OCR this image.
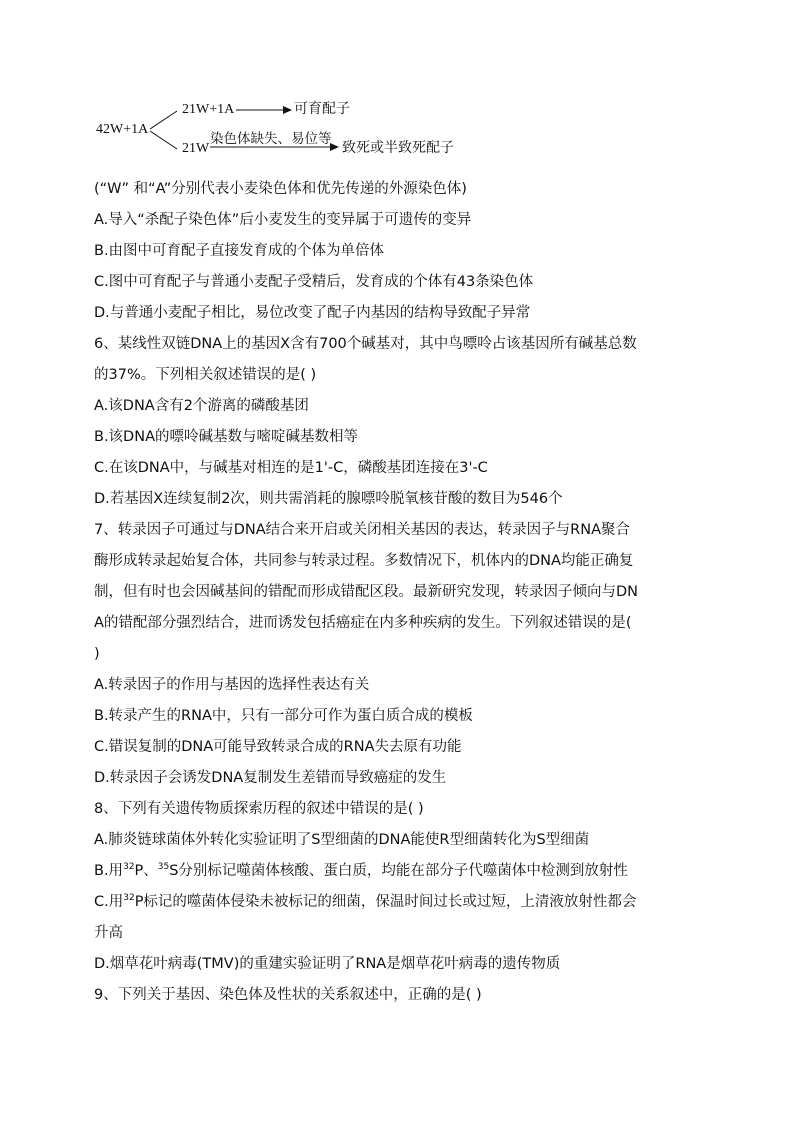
42W+1A
21W+1A	可育配子
21W
染色体缺失、易位等
致死或半致死配子
(“W” 和“A”分别代表小麦染色体和优先传递的外源染色体)
A.导入“杀配子染色体”后小麦发生的变异属于可遗传的变异
B.由图中可育配子直接发育成的个体为单倍体
C.图中可育配子与普通小麦配子受精后，发育成的个体有43条染色体
D.与普通小麦配子相比，易位改变了配子内基因的结构导致配子异常
6、某线性双链DNA上的基因X含有700个碱基对，其中鸟嘌呤占该基因所有碱基总数
的37%。下列相关叙述错误的是( )
A.该DNA含有2个游离的磷酸基团
B.该DNA的嘌呤碱基数与嘧啶碱基数相等
C.在该DNA中，与碱基对相连的是1'-C，磷酸基团连接在3'-C
D.若基因X连续复制2次，则共需消耗的腺嘌呤脱氧核苷酸的数目为546个
7、转录因子可通过与DNA结合来开启或关闭相关基因的表达，转录因子与RNA聚合
酶形成转录起始复合体，共同参与转录过程。多数情况下，机体内的DNA均能正确复
制，但有时也会因碱基间的错配而形成错配区段。最新研究发现，转录因子倾向与DN
A的错配部分强烈结合，进而诱发包括癌症在内多种疾病的发生。下列叙述错误的是(
)
A.转录因子的作用与基因的选择性表达有关
B.转录产生的RNA中，只有一部分可作为蛋白质合成的模板
C.错误复制的DNA可能导致转录合成的RNA失去原有功能
D.转录因子会诱发DNA复制发生差错而导致癌症的发生
8、下列有关遗传物质探索历程的叙述中错误的是( )
A.肺炎链球菌体外转化实验证明了S型细菌的DNA能使R型细菌转化为S型细菌
B.用$^{32}$P、$^{35}$S分别标记噬菌体核酸、蛋白质，均能在部分子代噬菌体中检测到放射性
C.用$^{32}$P标记的噬菌体侵染未被标记的细菌，保温时间过长或过短，上清液放射性都会
升高
D.烟草花叶病毒(TMV)的重建实验证明了RNA是烟草花叶病毒的遗传物质
9、下列关于基因、染色体及性状的关系叙述中，正确的是( )
